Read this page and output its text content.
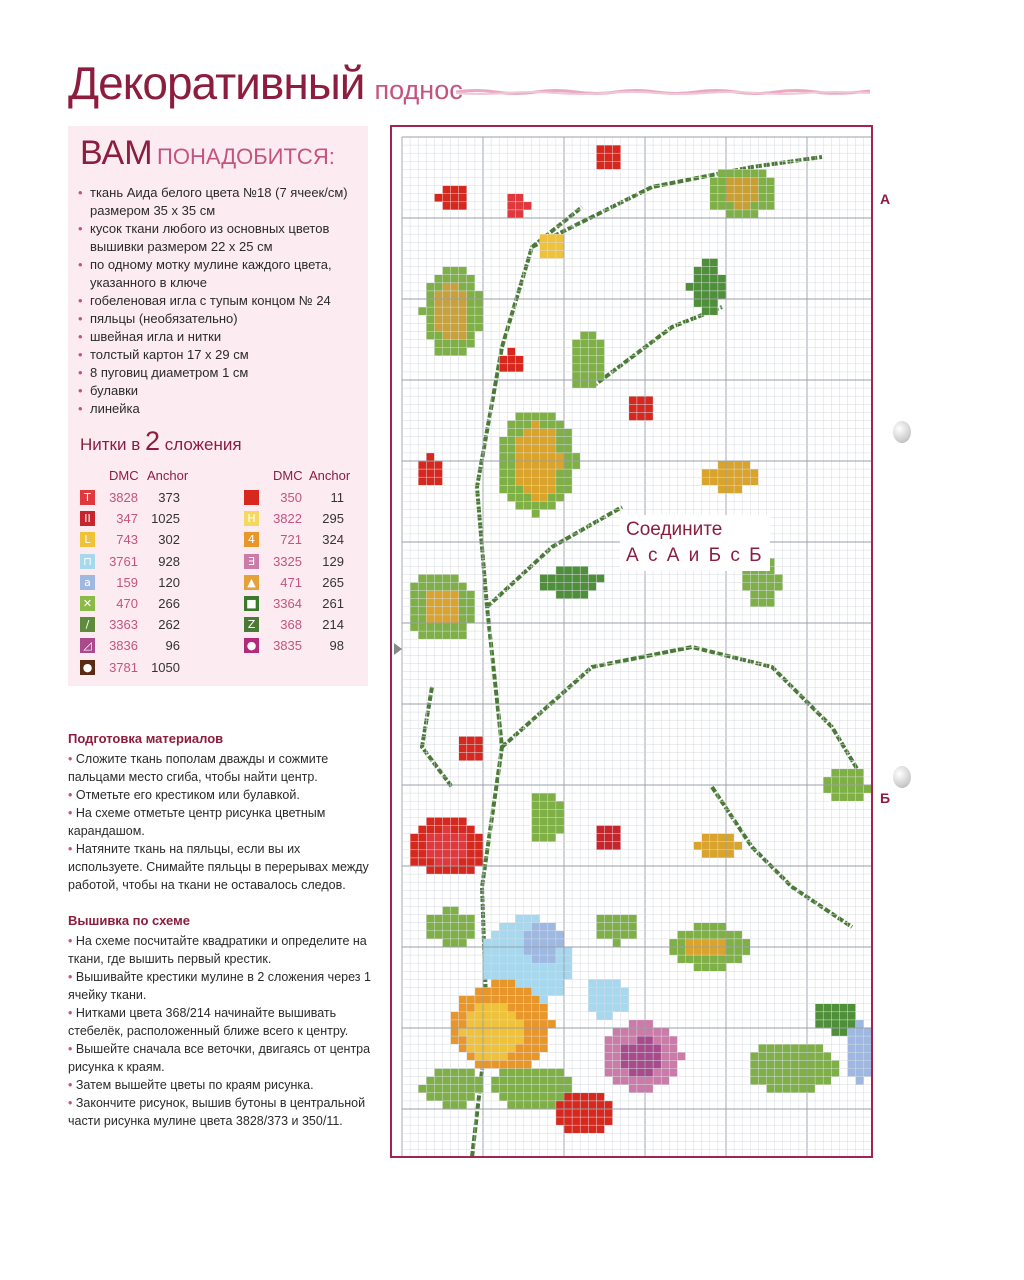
Декоративный поднос
ВАМ ПОНАДОБИТСЯ:
• ткань Аида белого цвета №18 (7 ячеек/см) размером 35 х 35 см
• кусок ткани любого из основных цветов вышивки размером 22 х 25 см
• по одному мотку мулине каждого цвета, указанного в ключе
• гобеленовая игла с тупым концом № 24
• пяльцы (необязательно)
• швейная игла и нитки
• толстый картон 17 х 29 см
• 8 пуговиц диаметром 1 см
• булавки
• линейка
Нитки в 2 сложения
DMC Anchor
T	3828	373
II	347 1025
L	743	302
⊓ 3761	928
a	159	120
✕	470	266
/	3363	262
◿ 3836	96
● 3781 1050
DMC Anchor
350	11
H 3822	295
4	721	324
∃	3325	129
▲	471	265
■ 3364	261
Z	368	214
● 3835	98
Подготовка материалов

• Сложите ткань пополам дважды и сожмите пальцами место сгиба, чтобы найти центр.
• Отметьте его крестиком или булавкой.
• На схеме отметьте центр рисунка цветным карандашом.
• Натяните ткань на пяльцы, если вы их используете. Снимайте пяльцы в перерывах между работой, чтобы на ткани не оставалось следов.

Вышивка по схеме

• На схеме посчитайте квадратики и определите на ткани, где вышить первый крестик.
• Вышивайте крестики мулине в 2 сложения через 1 ячейку ткани.
• Нитками цвета 368/214 начинайте вышивать стебелёк, расположенный ближе всего к центру.
• Вышейте сначала все веточки, двигаясь от центра рисунка к краям.
• Затем вышейте цветы по краям рисунка.
• Закончите рисунок, вышив бутоны в центральной части рисунка мулине цвета 3828/373 и 350/11.

Соедините
А с А и Б с Б
А
Б
